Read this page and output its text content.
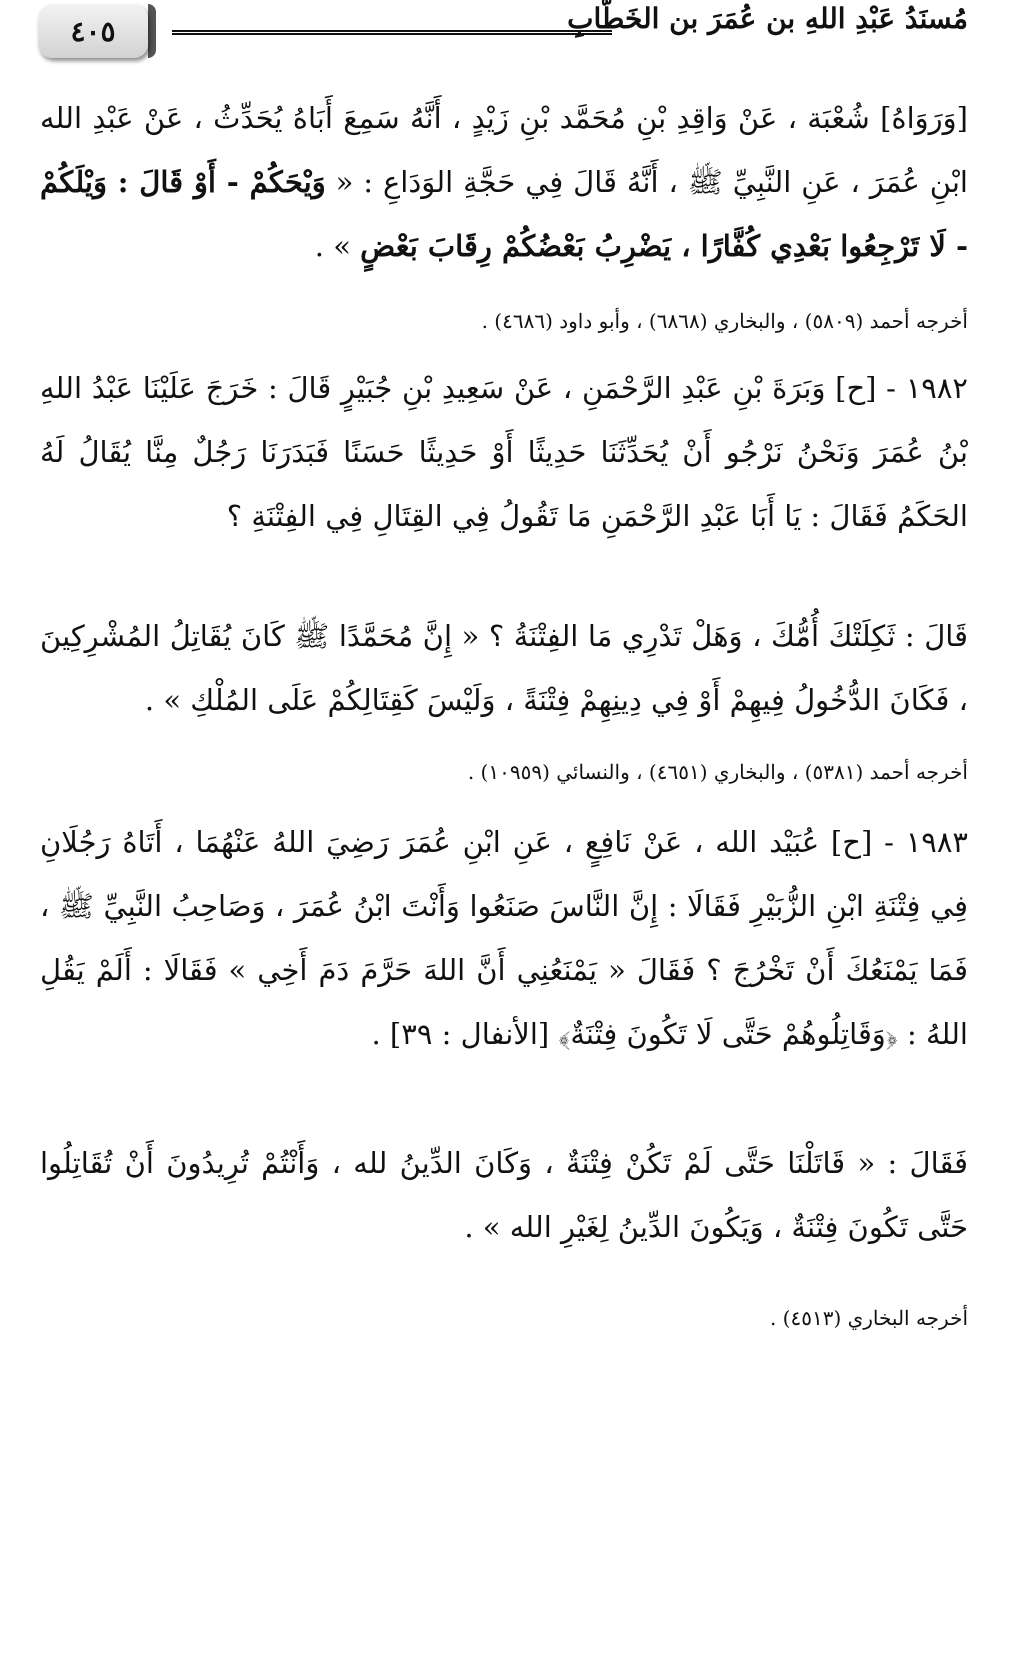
٤٠٥	مُسنَدُ عَبْدِ اللهِ بن عُمَرَ بن الخَطَّابِ
[وَرَوَاهُ] شُعْبَة ، عَنْ وَاقِدِ بْنِ مُحَمَّد بْنِ زَيْدٍ ، أَنَّهُ سَمِعَ أَبَاهُ يُحَدِّثُ ، عَنْ عَبْدِ الله ابْنِ عُمَرَ ، عَنِ النَّبِيِّ ﷺ ، أَنَّهُ قَالَ فِي حَجَّةِ الوَدَاعِ : « وَيْحَكُمْ - أَوْ قَالَ : وَيْلَكُمْ - لَا تَرْجِعُوا بَعْدِي كُفَّارًا ، يَضْرِبُ بَعْضُكُمْ رِقَابَ بَعْضٍ » .
أخرجه أحمد (٥٨٠٩) ، والبخاري (٦٨٦٨) ، وأبو داود (٤٦٨٦) .
١٩٨٢ - [ح] وَبَرَةَ بْنِ عَبْدِ الرَّحْمَنِ ، عَنْ سَعِيدِ بْنِ جُبَيْرٍ قَالَ : خَرَجَ عَلَيْنَا عَبْدُ اللهِ بْنُ عُمَرَ وَنَحْنُ نَرْجُو أَنْ يُحَدِّثَنَا حَدِيثًا أَوْ حَدِيثًا حَسَنًا فَبَدَرَنَا رَجُلٌ مِنَّا يُقَالُ لَهُ الحَكَمُ فَقَالَ : يَا أَبَا عَبْدِ الرَّحْمَنِ مَا تَقُولُ فِي القِتَالِ فِي الفِتْنَةِ ؟
قَالَ : ثَكِلَتْكَ أُمُّكَ ، وَهَلْ تَدْرِي مَا الفِتْنَةُ ؟ « إِنَّ مُحَمَّدًا ﷺ كَانَ يُقَاتِلُ المُشْرِكِينَ ، فَكَانَ الدُّخُولُ فِيهِمْ أَوْ فِي دِينِهِمْ فِتْنَةً ، وَلَيْسَ كَقِتَالِكُمْ عَلَى المُلْكِ » .
أخرجه أحمد (٥٣٨١) ، والبخاري (٤٦٥١) ، والنسائي (١٠٩٥٩) .
١٩٨٣ - [ح] عُبَيْد الله ، عَنْ نَافِعٍ ، عَنِ ابْنِ عُمَرَ رَضِيَ اللهُ عَنْهُمَا ، أَتَاهُ رَجُلَانِ فِي فِتْنَةِ ابْنِ الزُّبَيْرِ فَقَالَا : إِنَّ النَّاسَ صَنَعُوا وَأَنْتَ ابْنُ عُمَرَ ، وَصَاحِبُ النَّبِيِّ ﷺ ، فَمَا يَمْنَعُكَ أَنْ تَخْرُجَ ؟ فَقَالَ « يَمْنَعُنِي أَنَّ اللهَ حَرَّمَ دَمَ أَخِي » فَقَالَا : أَلَمْ يَقُلِ اللهُ : ﴿وَقَاتِلُوهُمْ حَتَّى لَا تَكُونَ فِتْنَةٌ﴾ [الأنفال : ٣٩] .
فَقَالَ : « قَاتَلْنَا حَتَّى لَمْ تَكُنْ فِتْنَةٌ ، وَكَانَ الدِّينُ لله ، وَأَنْتُمْ تُرِيدُونَ أَنْ تُقَاتِلُوا حَتَّى تَكُونَ فِتْنَةٌ ، وَيَكُونَ الدِّينُ لِغَيْرِ الله » .
أخرجه البخاري (٤٥١٣) .
